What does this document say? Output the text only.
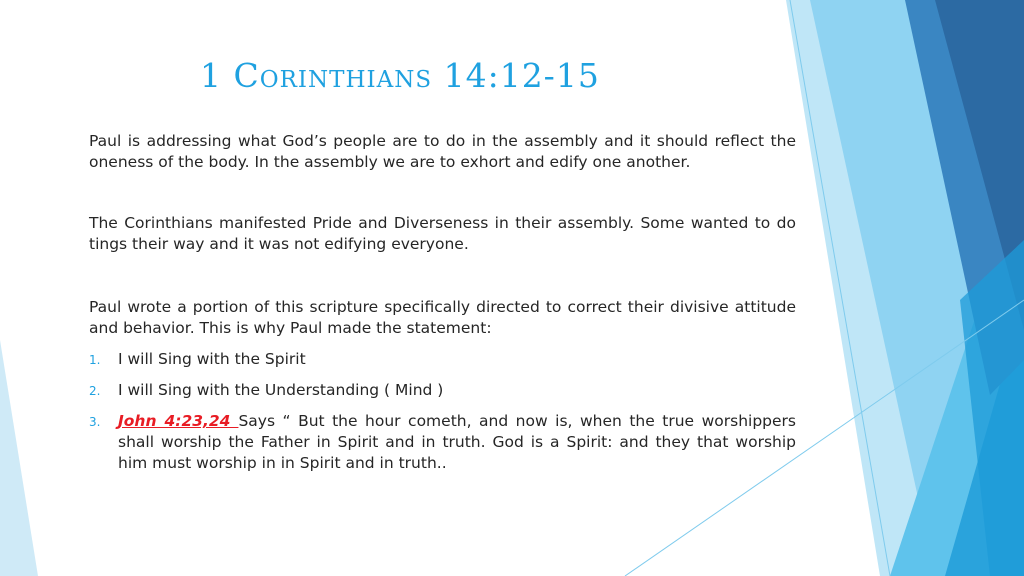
1 Corinthians 14:12-15

Paul is addressing what God’s people are to do in the assembly and it should reflect the oneness of the body. In the assembly we are to exhort and edify one another.

The Corinthians manifested Pride and Diverseness in their assembly. Some wanted to do tings their way and it was not edifying everyone.

Paul wrote a portion of this scripture specifically directed to correct their divisive attitude and behavior. This is why Paul made the statement:

1. I will Sing with the Spirit
2. I will Sing with the Understanding ( Mind )
3. John 4:23,24 Says “ But the hour cometh, and now is, when the true worshippers shall worship the Father in Spirit and in truth. God is a Spirit: and they that worship him must worship in in Spirit and in truth..
